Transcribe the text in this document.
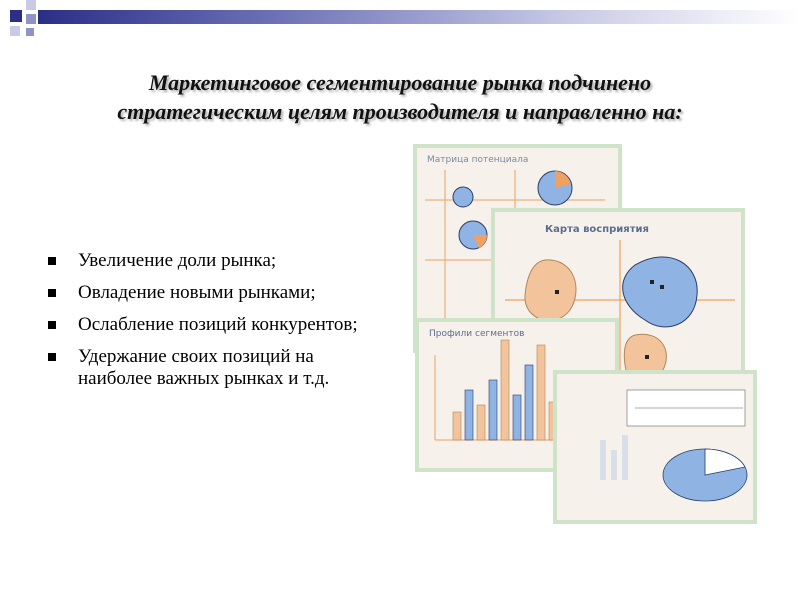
Маркетинговое сегментирование рынка подчинено
стратегическим целям производителя и направленно на:
Увеличение доли рынка;
Овладение новыми рынками;
Ослабление позиций конкурентов;
Удержание своих позиций на наиболее важных рынках и т.д.
Матрица потенциала
Карта восприятия
Профили сегментов
